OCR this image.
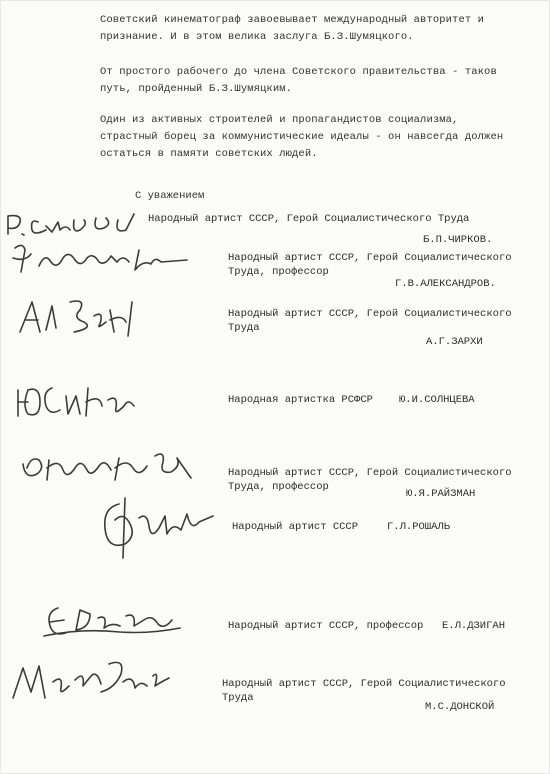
Советский кинематограф завоевывает международный авторитет и признание. И в этом велика заслуга Б.З.Шумяцкого.
От простого рабочего до члена Советского правительства - таков путь, пройденный Б.З.Шумяцким.
Один из активных строителей и пропагандистов социализма, страстный борец за коммунистические идеалы - он навсегда должен остаться в памяти советских людей.
С уважением
Народный артист СССР, Герой Социалистического Труда
Б.П.ЧИРКОВ.
Народный артист СССР, Герой Социалистического Труда, профессор
Г.В.АЛЕКСАНДРОВ.
Народный артист СССР, Герой Социалистического Труда
А.Г.ЗАРХИ
Народная артистка РСФСР Ю.И.СОЛНЦЕВА
Народный артист СССР, Герой Социалистического Труда, профессор
Ю.Я.РАЙЗМАН
Народный артист СССР	Г.Л.РОШАЛЬ
Народный артист СССР, профессор Е.Л.ДЗИГАН
Народный артист СССР, Герой Социалистического Труда
М.С.ДОНСКОЙ
